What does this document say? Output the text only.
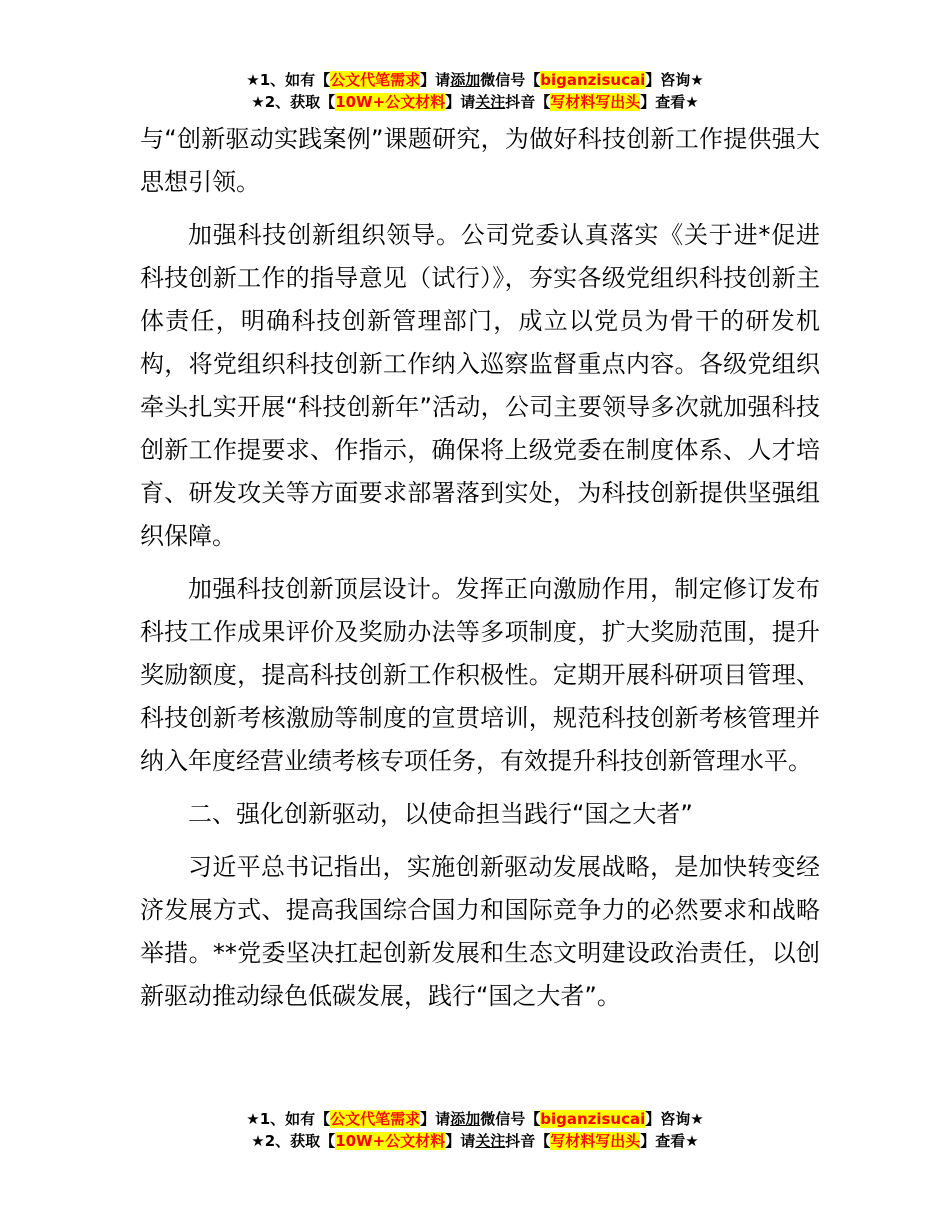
★1、如有【公文代笔需求】请添加微信号【biganzisucai】咨询★
★2、获取【10W+公文材料】请关注抖音【写材料写出头】查看★

与“创新驱动实践案例”课题研究，为做好科技创新工作提供强大思想引领。

加强科技创新组织领导。公司党委认真落实《关于进*促进科技创新工作的指导意见（试行）》，夯实各级党组织科技创新主体责任，明确科技创新管理部门，成立以党员为骨干的研发机构，将党组织科技创新工作纳入巡察监督重点内容。各级党组织牵头扎实开展“科技创新年”活动，公司主要领导多次就加强科技创新工作提要求、作指示，确保将上级党委在制度体系、人才培育、研发攻关等方面要求部署落到实处，为科技创新提供坚强组织保障。

加强科技创新顶层设计。发挥正向激励作用，制定修订发布科技工作成果评价及奖励办法等多项制度，扩大奖励范围，提升奖励额度，提高科技创新工作积极性。定期开展科研项目管理、科技创新考核激励等制度的宣贯培训，规范科技创新考核管理并纳入年度经营业绩考核专项任务，有效提升科技创新管理水平。

二、强化创新驱动，以使命担当践行“国之大者”

习近平总书记指出，实施创新驱动发展战略，是加快转变经济发展方式、提高我国综合国力和国际竞争力的必然要求和战略举措。**党委坚决扛起创新发展和生态文明建设政治责任，以创新驱动推动绿色低碳发展，践行“国之大者”。

★1、如有【公文代笔需求】请添加微信号【biganzisucai】咨询★
★2、获取【10W+公文材料】请关注抖音【写材料写出头】查看★
